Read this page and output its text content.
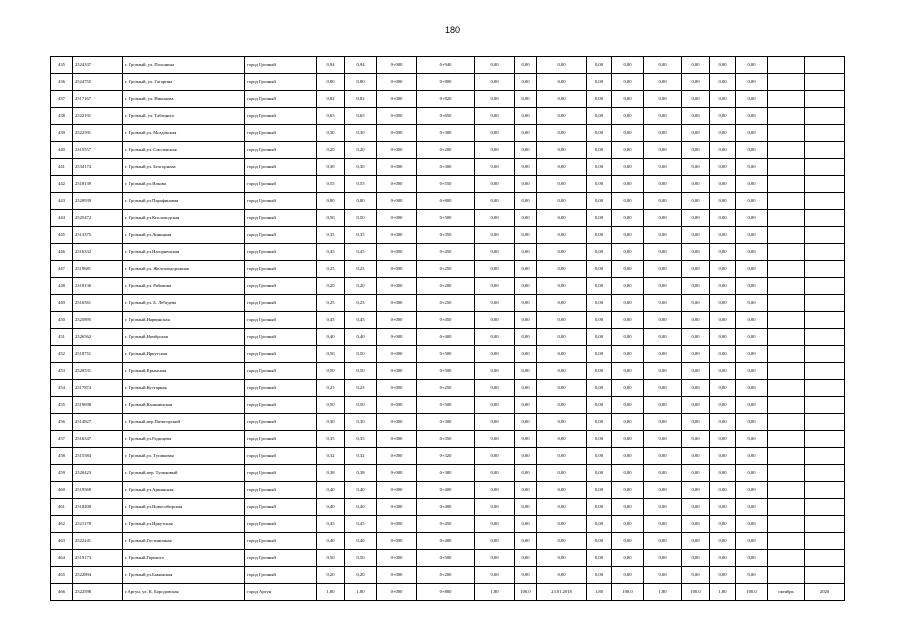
180
435	2524337	г. Грозный, ул. Полонина	город Грозный	0,94	0,94	0+000	0+940	0,00	0,00	0,00	0,00	0,00	0,00	0,00	0,00	0,00		
436	2524755	г. Грозный, ул. Гагарина	город Грозный	0,80	0,80	0+000	0+800	0,00	0,00	0,00	0,00	0,00	0,00	0,00	0,00	0,00		
437	2517167	г. Грозный, ул. Никонова	город Грозный	0,82	0,82	0+000	0+820	0,00	0,00	0,00	0,00	0,00	0,00	0,00	0,00	0,00		
438	2522191	г. Грозный, ул. Табачного	город Грозный	0,65	0,65	0+000	0+650	0,00	0,00	0,00	0,00	0,00	0,00	0,00	0,00	0,00		
439	2522591	г. Грозный,ул. Моздокская	город Грозный	0,30	0,30	0+000	0+300	0,00	0,00	0,00	0,00	0,00	0,00	0,00	0,00	0,00		
440	2315557	г. Грозный,ул. Смоленская	город Грозный	0,20	0,20	0+000	0+200	0,00	0,00	0,00	0,00	0,00	0,00	0,00	0,00	0,00		
441	2534174	г. Грозный,ул. Белгорнова	город Грозный	0,30	0,30	0+000	0+300	0,00	0,00	0,00	0,00	0,00	0,00	0,00	0,00	0,00		
442	2518139	г. Грозный,ул.Ялкова	город Грозный	0,55	0,55	0+000	0+550	0,00	0,00	0,00	0,00	0,00	0,00	0,00	0,00	0,00		
443	2520939	г. Грозный,ул.Парафиновая	город Грозный	0,80	0,80	0+000	0+800	0,00	0,00	0,00	0,00	0,00	0,00	0,00	0,00	0,00		
444	2525472	г. Грозный,ул.Кисловодская	город Грозный	0,50	0,50	0+000	0+500	0,00	0,00	0,00	0,00	0,00	0,00	0,00	0,00	0,00		
445	2513375	г. Грозный,ул.Линицкая	город Грозный	0,35	0,35	0+000	0+350	0,00	0,00	0,00	0,00	0,00	0,00	0,00	0,00	0,00		
446	2516332	г. Грозный,ул.Нагорненская	город Грозный	0,45	0,45	0+000	0+450	0,00	0,00	0,00	0,00	0,00	0,00	0,00	0,00	0,00		
447	2519681	г. Грозный,ул. Железнодорожная	город Грозный	0,25	0,25	0+000	0+250	0,00	0,00	0,00	0,00	0,00	0,00	0,00	0,00	0,00		
448	2318136	г. Грозный,ул. Рябикова	город Грозный	0,20	0,20	0+000	0+200	0,00	0,00	0,00	0,00	0,00	0,00	0,00	0,00	0,00		
449	2516561	г. Грозный,ул. Б. Лебедева	город Грозный	0,25	0,25	0+000	0+250	0,00	0,00	0,00	0,00	0,00	0,00	0,00	0,00	0,00		
450	2525895	г. Грозный,Нарвинская	город Грозный	0,45	0,45	0+000	0+450	0,00	0,00	0,00	0,00	0,00	0,00	0,00	0,00	0,00		
451	2526562	г. Грозный,Намбрская	город Грозный	0,40	0,40	0+000	0+400	0,00	0,00	0,00	0,00	0,00	0,00	0,00	0,00	0,00		
452	2518751	г. Грозный,Иркутская	город Грозный	0,50	0,50	0+000	0+500	0,00	0,00	0,00	0,00	0,00	0,00	0,00	0,00	0,00		
453	2520531	г. Грозный,Крымская	город Грозный	0,50	0,50	0+000	0+500	0,00	0,00	0,00	0,00	0,00	0,00	0,00	0,00	0,00		
454	2517874	г. Грозный,Кустарная	город Грозный	0,25	0,25	0+000	0+250	0,00	0,00	0,00	0,00	0,00	0,00	0,00	0,00	0,00		
455	2519698	г. Грозный,Калининская	город Грозный	0,50	0,50	0+000	0+500	0,00	0,00	0,00	0,00	0,00	0,00	0,00	0,00	0,00		
456	2514827	г. Грозный,пер.Пятигорский	город Грозный	0,30	0,30	0+000	0+300	0,00	0,00	0,00	0,00	0,00	0,00	0,00	0,00	0,00		
457	2516347	г. Грозный,ул.Радищева	город Грозный	0,35	0,35	0+000	0+350	0,00	0,00	0,00	0,00	0,00	0,00	0,00	0,00	0,00		
458	2515584	г. Грозный,ул. Тупиковая	город Грозный	0,32	0,32	0+000	0+320	0,00	0,00	0,00	0,00	0,00	0,00	0,00	0,00	0,00		
459	2520423	г. Грозный,пер. Тупиковый	город Грозный	0,38	0,38	0+000	0+380	0,00	0,00	0,00	0,00	0,00	0,00	0,00	0,00	0,00		
460	2519568	г. Грозный,ул.Армянская	город Грозный	0,40	0,40	0+000	0+400	0,00	0,00	0,00	0,00	0,00	0,00	0,00	0,00	0,00		
461	2518408	г. Грозный,ул.Новосибирская	город Грозный	0,40	0,40	0+000	0+400	0,00	0,00	0,00	0,00	0,00	0,00	0,00	0,00	0,00		
462	2521178	г. Грозный,ул.Иркутская	город Грозный	0,45	0,45	0+000	0+450	0,00	0,00	0,00	0,00	0,00	0,00	0,00	0,00	0,00		
463	2522241	г. Грозный,Гостиничная	город Грозный	0,40	0,40	0+000	0+400	0,00	0,00	0,00	0,00	0,00	0,00	0,00	0,00	0,00		
464	2519173	г. Грозный,Горького	город Грозный	0,50	0,50	0+000	0+500	0,00	0,00	0,00	0,00	0,00	0,00	0,00	0,00	0,00		
465	2522894	г. Грозный,ул.Бакинская	город Грозный	0,20	0,20	0+000	0+200	0,00	0,00	0,00	0,00	0,00	0,00	0,00	0,00	0,00		
466	2522598	г.Аргун, ул. К. Бородовская	город Аргун	1,80	1,80	0+000	0+800	1,80	100,0	23.01.2018	1,80	100,0	1,80	100,0	1,80	100,0	октябрь	2020
